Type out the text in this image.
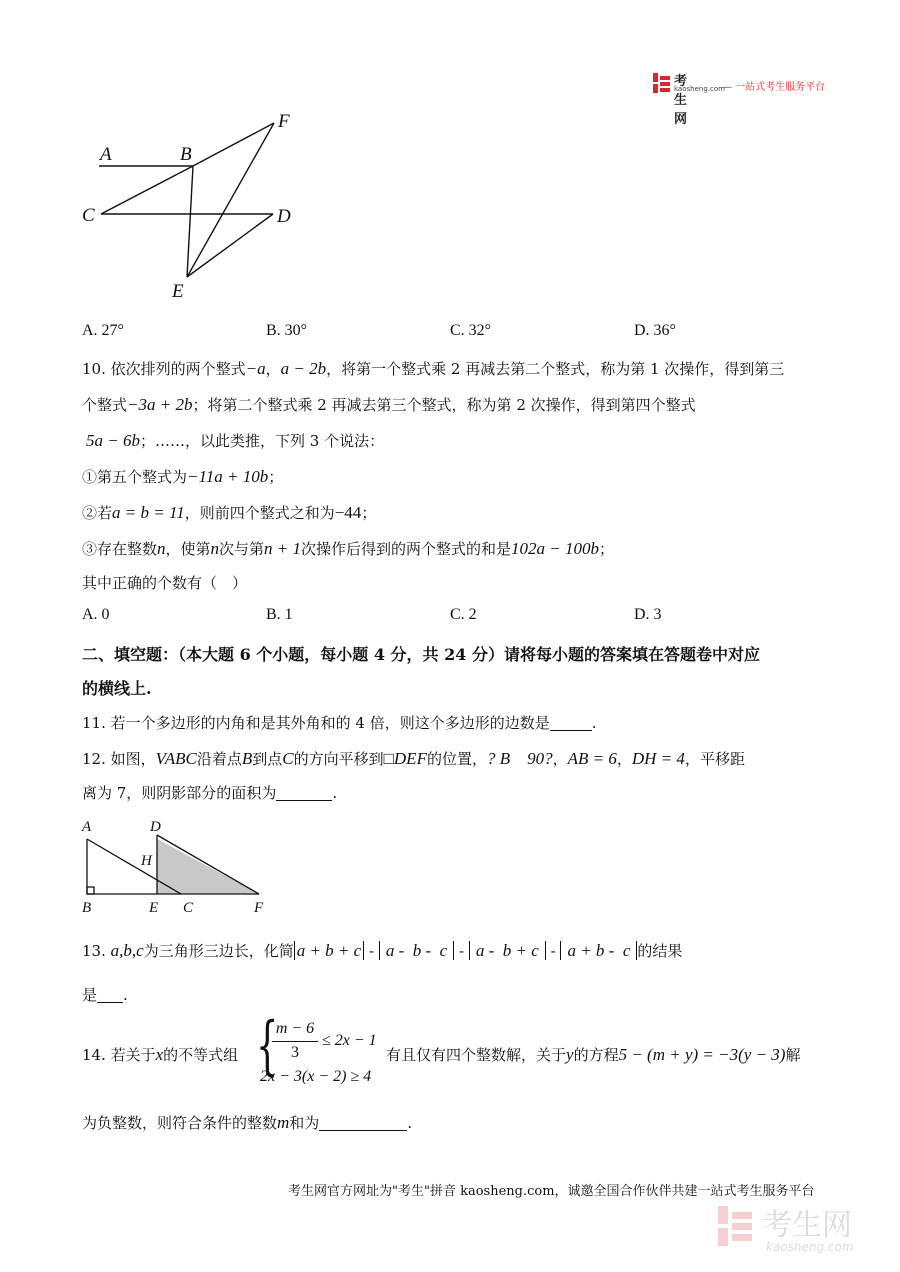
考生网
kaosheng.com
— 一站式考生服务平台
A	B
C	D
E
F
A. 27°	B. 30°	C. 32°	D. 36°
10. 依次排列的两个整式−a，a − 2b，将第一个整式乘 2 再减去第二个整式，称为第 1 次操作，得到第三
个整式−3a + 2b；将第二个整式乘 2 再减去第三个整式，称为第 2 次操作，得到第四个整式
5a − 6b；……，以此类推，下列 3 个说法：
①第五个整式为−11a + 10b；
②若a = b = 11，则前四个整式之和为−44；
③存在整数n，使第n次与第n + 1次操作后得到的两个整式的和是102a − 100b；
其中正确的个数有（　）
A. 0	B. 1	C. 2	D. 3
二、填空题：（本大题 6 个小题，每小题 4 分，共 24 分）请将每小题的答案填在答题卷中对应
的横线上.
11. 若一个多边形的内角和是其外角和的 4 倍，则这个多边形的边数是	.
12. 如图，VABC沿着点B到点C的方向平移到□DEF的位置，? B    90?，AB = 6，DH = 4，平移距
离为 7，则阴影部分的面积为	.
A	D
H
B	E C	F
13. a,b,c为三角形三边长，化简 a + b + c - a -  b -  c - a -  b + c - a + b -  c 的结果
是 .
14. 若关于x的不等式组 {
m − 6
3
≤ 2x − 1
2x − 3(x − 2) ≥ 4
有且仅有四个整数解，关于y的方程5 − (m + y) = −3(y − 3)解
为负整数，则符合条件的整数m和为	.
考生网官方网址为"考生"拼音 kaosheng.com，诚邀全国合作伙伴共建一站式考生服务平台
考生网
kaosheng.com
